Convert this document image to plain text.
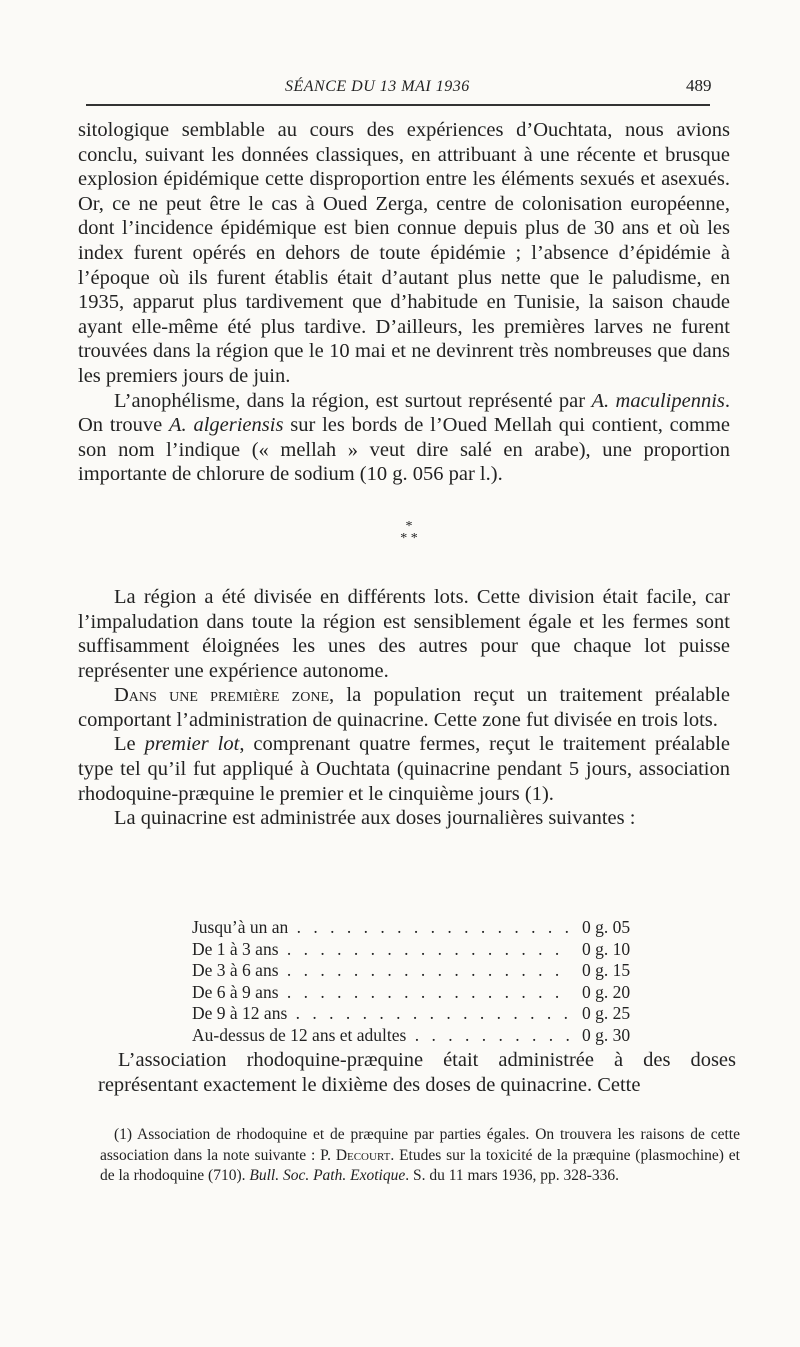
SÉANCE DU 13 MAI 1936	489

sitologique semblable au cours des expériences d’Ouchtata, nous avions conclu, suivant les données classiques, en attribuant à une récente et brusque explosion épidémique cette disproportion entre les éléments sexués et asexués. Or, ce ne peut être le cas à Oued Zerga, centre de colonisation européenne, dont l’incidence épidémique est bien connue depuis plus de 30 ans et où les index furent opérés en dehors de toute épidémie ; l’absence d’épidémie à l’époque où ils furent établis était d’autant plus nette que le paludisme, en 1935, apparut plus tardivement que d’habitude en Tunisie, la saison chaude ayant elle-même été plus tardive. D’ailleurs, les premières larves ne furent trouvées dans la région que le 10 mai et ne devinrent très nombreuses que dans les premiers jours de juin.

L’anophélisme, dans la région, est surtout représenté par A. maculipennis. On trouve A. algeriensis sur les bords de l’Oued Mellah qui contient, comme son nom l’indique (« mellah » veut dire salé en arabe), une proportion importante de chlorure de sodium (10 g. 056 par l.).

*
* *

La région a été divisée en différents lots. Cette division était facile, car l’impaludation dans toute la région est sensiblement égale et les fermes sont suffisamment éloignées les unes des autres pour que chaque lot puisse représenter une expérience autonome.

Dans une première zone, la population reçut un traitement préalable comportant l’administration de quinacrine. Cette zone fut divisée en trois lots.

Le premier lot, comprenant quatre fermes, reçut le traitement préalable type tel qu’il fut appliqué à Ouchtata (quinacrine pendant 5 jours, association rhodoquine-præquine le premier et le cinquième jours (1).

La quinacrine est administrée aux doses journalières suivantes :

Jusqu’à un an . . .	0 g. 05
De 1 à 3 ans . . .	0 g. 10
De 3 à 6 ans . . .	0 g. 15
De 6 à 9 ans . . .	0 g. 20
De 9 à 12 ans . . .	0 g. 25
Au-dessus de 12 ans et adultes . . .	0 g. 30

L’association rhodoquine-præquine était administrée à des doses représentant exactement le dixième des doses de quinacrine. Cette

(1) Association de rhodoquine et de præquine par parties égales. On trouvera les raisons de cette association dans la note suivante : P. Decourt. Etudes sur la toxicité de la præquine (plasmochine) et de la rhodoquine (710). Bull. Soc. Path. Exotique. S. du 11 mars 1936, pp. 328-336.
